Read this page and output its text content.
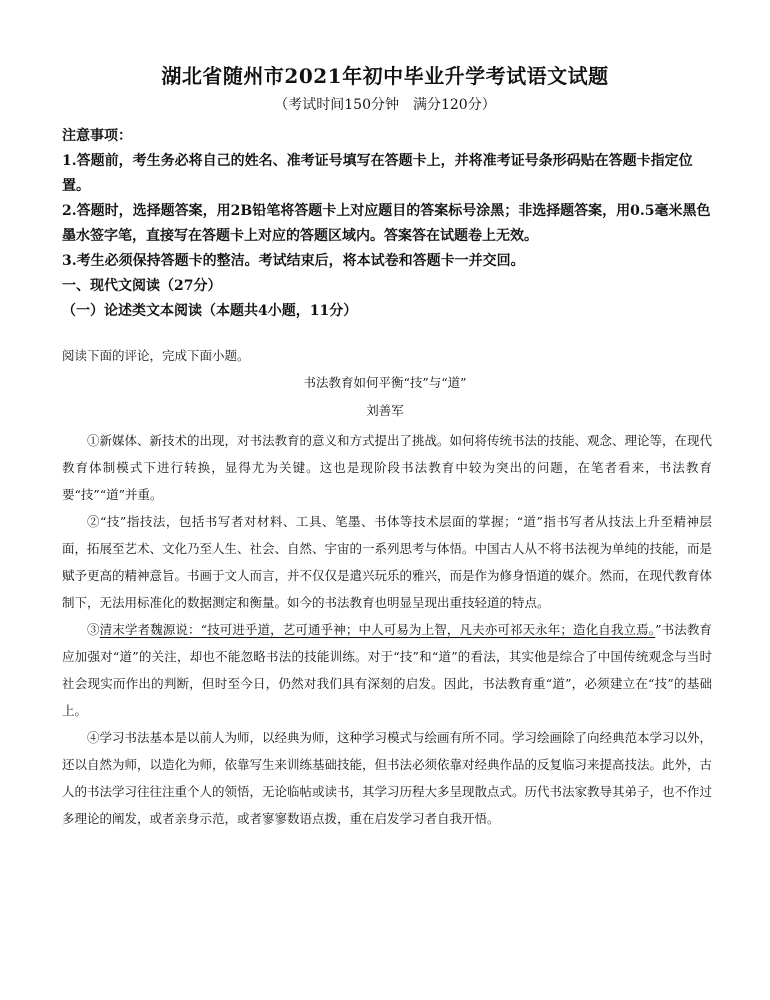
湖北省随州市2021年初中毕业升学考试语文试题
（考试时间150分钟　满分120分）

注意事项：

1.答题前，考生务必将自己的姓名、准考证号填写在答题卡上，并将准考证号条形码贴在答题卡指定位置。

2.答题时，选择题答案，用2B铅笔将答题卡上对应题目的答案标号涂黑；非选择题答案，用0.5毫米黑色墨水签字笔，直接写在答题卡上对应的答题区域内。答案答在试题卷上无效。

3.考生必须保持答题卡的整洁。考试结束后，将本试卷和答题卡一并交回。

一、现代文阅读（27分）

（一）论述类文本阅读（本题共4小题，11分）

阅读下面的评论，完成下面小题。
书法教育如何平衡“技”与“道”
刘善军

①新媒体、新技术的出现，对书法教育的意义和方式提出了挑战。如何将传统书法的技能、观念、理论等，在现代教育体制模式下进行转换，显得尤为关键。这也是现阶段书法教育中较为突出的问题，在笔者看来，书法教育要“技”“道”并重。

②“技”指技法，包括书写者对材料、工具、笔墨、书体等技术层面的掌握；“道”指书写者从技法上升至精神层面，拓展至艺术、文化乃至人生、社会、自然、宇宙的一系列思考与体悟。中国古人从不将书法视为单纯的技能，而是赋予更高的精神意旨。书画于文人而言，并不仅仅是遣兴玩乐的雅兴，而是作为修身悟道的媒介。然而，在现代教育体制下，无法用标准化的数据测定和衡量。如今的书法教育也明显呈现出重技轻道的特点。

③清末学者魏源说：“技可进乎道，艺可通乎神；中人可易为上智，凡夫亦可祁天永年；造化自我立焉。”书法教育应加强对“道”的关注，却也不能忽略书法的技能训练。对于“技”和“道”的看法，其实他是综合了中国传统观念与当时社会现实而作出的判断，但时至今日，仍然对我们具有深刻的启发。因此，书法教育重“道”，必须建立在“技”的基础上。

④学习书法基本是以前人为师，以经典为师，这种学习模式与绘画有所不同。学习绘画除了向经典范本学习以外，还以自然为师，以造化为师，依靠写生来训练基础技能，但书法必须依靠对经典作品的反复临习来提高技法。此外，古人的书法学习往往注重个人的领悟，无论临帖或读书，其学习历程大多呈现散点式。历代书法家教导其弟子，也不作过多理论的阐发，或者亲身示范，或者寥寥数语点拨，重在启发学习者自我开悟。
